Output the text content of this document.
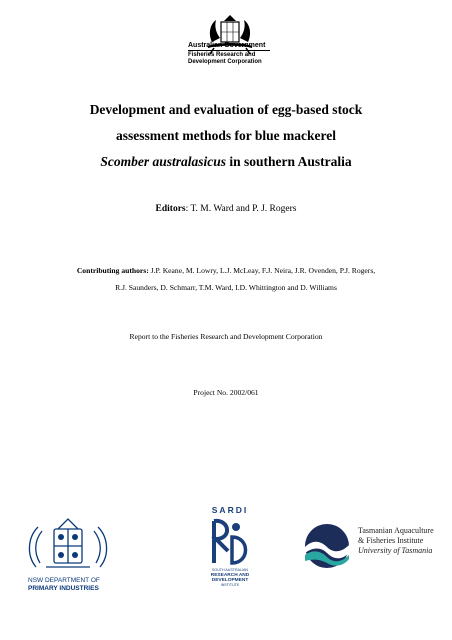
Australian Government
Fisheries Research and
Development Corporation
Development and evaluation of egg-based stock
assessment methods for blue mackerel
Scomber australasicus in southern Australia
Editors: T. M. Ward and P. J. Rogers
Contributing authors: J.P. Keane, M. Lowry, L.J. McLeay, F.J. Neira, J.R. Ovenden, P.J. Rogers,
R.J. Saunders, D. Schmarr, T.M. Ward, I.D. Whittington and D. Williams
Report to the Fisheries Research and Development Corporation
Project No. 2002/061
NSW DEPARTMENT OF
PRIMARY INDUSTRIES
SARDI
SOUTH AUSTRALIAN
RESEARCH AND
DEVELOPMENT
INSTITUTE
Tasmanian Aquaculture
& Fisheries Institute
University of Tasmania
